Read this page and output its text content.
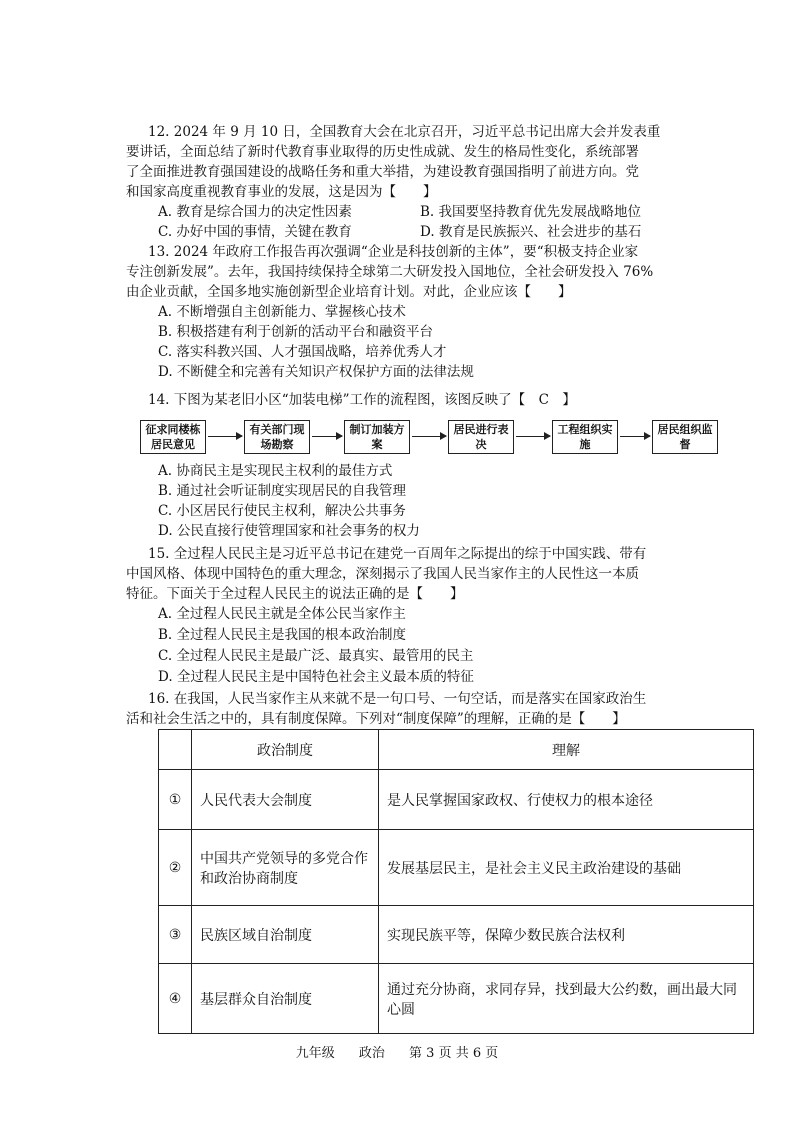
12. 2024 年 9 月 10 日，全国教育大会在北京召开，习近平总书记出席大会并发表重
要讲话，全面总结了新时代教育事业取得的历史性成就、发生的格局性变化，系统部署
了全面推进教育强国建设的战略任务和重大举措，为建设教育强国指明了前进方向。党
和国家高度重视教育事业的发展，这是因为【　　】
A. 教育是综合国力的决定性因素	B. 我国要坚持教育优先发展战略地位
C. 办好中国的事情，关键在教育	D. 教育是民族振兴、社会进步的基石
13. 2024 年政府工作报告再次强调“企业是科技创新的主体”，要“积极支持企业家
专注创新发展”。去年，我国持续保持全球第二大研发投入国地位，全社会研发投入 76%
由企业贡献，全国多地实施创新型企业培育计划。对此，企业应该【　　】
A. 不断增强自主创新能力、掌握核心技术
B. 积极搭建有利于创新的活动平台和融资平台
C. 落实科教兴国、人才强国战略，培养优秀人才
D. 不断健全和完善有关知识产权保护方面的法律法规
14. 下图为某老旧小区“加装电梯”工作的流程图，该图反映了【　C　】
征求同楼栋居民意见
有关部门现场勘察
制订加装方案
居民进行表决
工程组织实施
居民组织监督
A. 协商民主是实现民主权利的最佳方式
B. 通过社会听证制度实现居民的自我管理
C. 小区居民行使民主权利，解决公共事务
D. 公民直接行使管理国家和社会事务的权力
15. 全过程人民民主是习近平总书记在建党一百周年之际提出的综于中国实践、带有
中国风格、体现中国特色的重大理念，深刻揭示了我国人民当家作主的人民性这一本质
特征。下面关于全过程人民民主的说法正确的是【　　】
A. 全过程人民民主就是全体公民当家作主
B. 全过程人民民主是我国的根本政治制度
C. 全过程人民民主是最广泛、最真实、最管用的民主
D. 全过程人民民主是中国特色社会主义最本质的特征
16. 在我国，人民当家作主从来就不是一句口号、一句空话，而是落实在国家政治生
活和社会生活之中的，具有制度保障。下列对“制度保障”的理解，正确的是【　　】
	政治制度	理解
①	人民代表大会制度	是人民掌握国家政权、行使权力的根本途径
②	中国共产党领导的多党合作和政治协商制度	发展基层民主，是社会主义民主政治建设的基础
③	民族区域自治制度	实现民族平等，保障少数民族合法权利
④	基层群众自治制度	通过充分协商，求同存异，找到最大公约数，画出最大同心圆
九年级 政治 第 3 页 共 6 页
